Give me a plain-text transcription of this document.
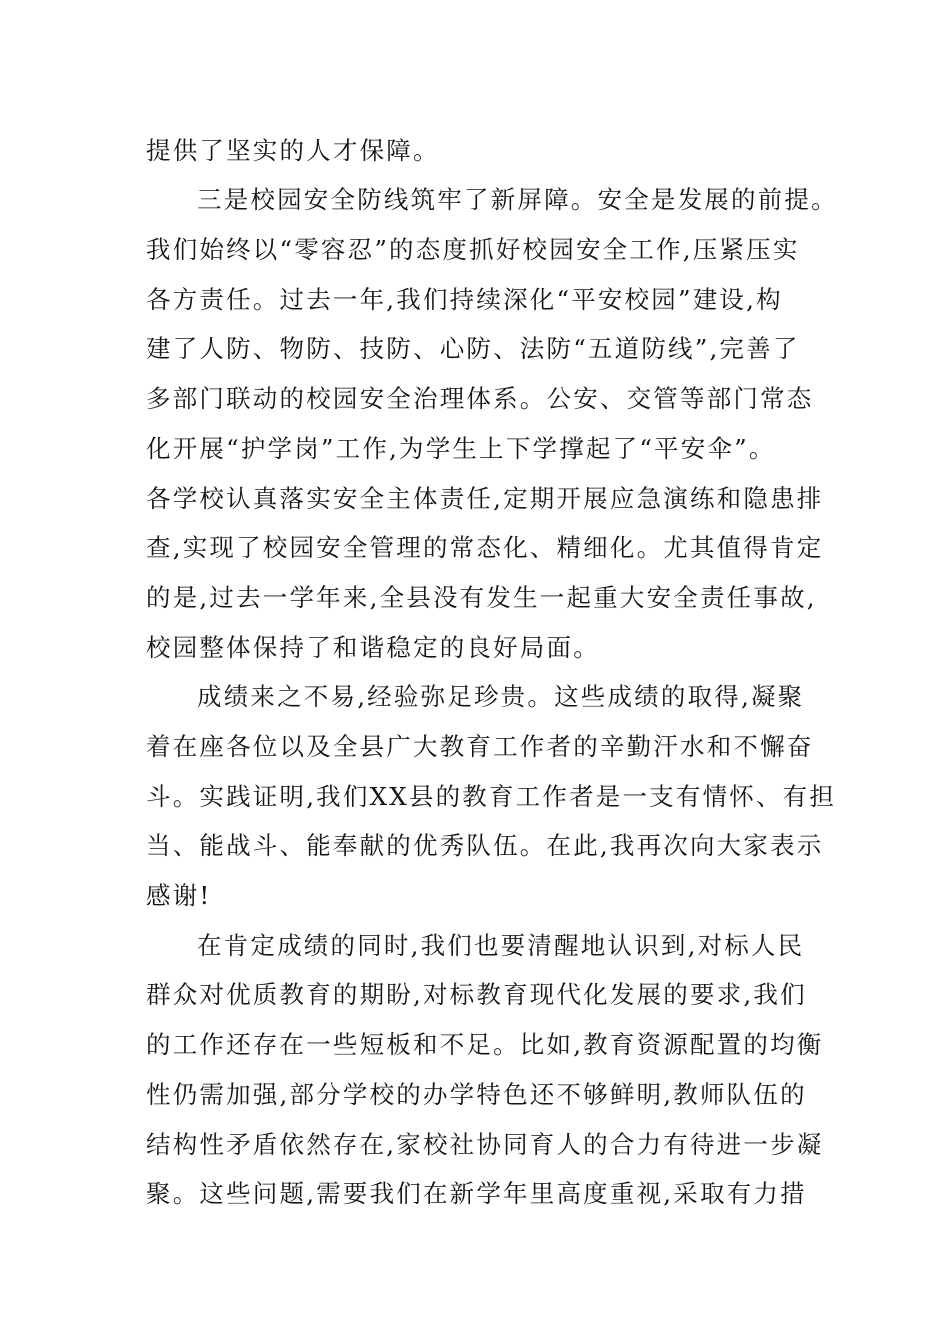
提供了坚实的人才保障。

三是校园安全防线筑牢了新屏障。安全是发展的前提。

我们始终以“零容忍”的态度抓好校园安全工作,压紧压实

各方责任。过去一年,我们持续深化“平安校园”建设,构

建了人防、物防、技防、心防、法防“五道防线”,完善了

多部门联动的校园安全治理体系。公安、交管等部门常态

化开展“护学岗”工作,为学生上下学撑起了“平安伞”。

各学校认真落实安全主体责任,定期开展应急演练和隐患排

查,实现了校园安全管理的常态化、精细化。尤其值得肯定

的是,过去一学年来,全县没有发生一起重大安全责任事故,

校园整体保持了和谐稳定的良好局面。

成绩来之不易,经验弥足珍贵。这些成绩的取得,凝聚

着在座各位以及全县广大教育工作者的辛勤汗水和不懈奋

斗。实践证明,我们XX县的教育工作者是一支有情怀、有担

当、能战斗、能奉献的优秀队伍。在此,我再次向大家表示

感谢!

在肯定成绩的同时,我们也要清醒地认识到,对标人民

群众对优质教育的期盼,对标教育现代化发展的要求,我们

的工作还存在一些短板和不足。比如,教育资源配置的均衡

性仍需加强,部分学校的办学特色还不够鲜明,教师队伍的

结构性矛盾依然存在,家校社协同育人的合力有待进一步凝

聚。这些问题,需要我们在新学年里高度重视,采取有力措
